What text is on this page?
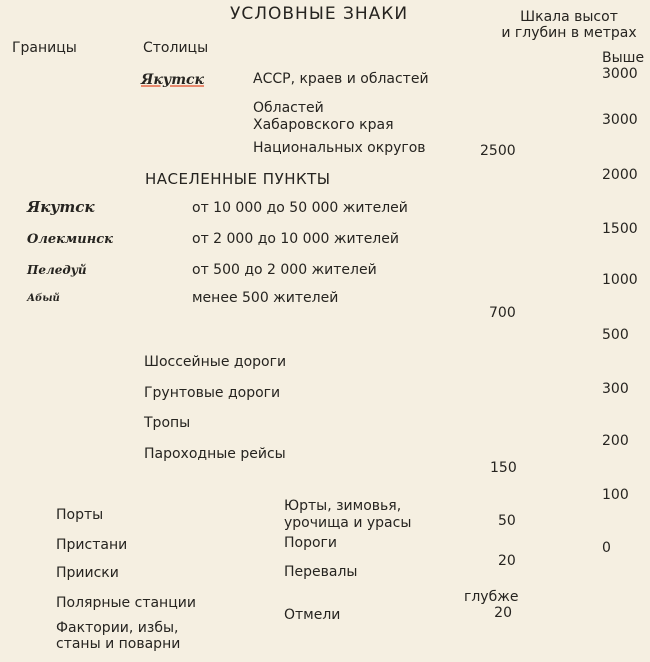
УСЛОВНЫЕ ЗНАКИ
Границы	Столицы
Якутск	АССР, краев и областей
Областей
Хабаровского края
Национальных округов
НАСЕЛЕННЫЕ ПУНКТЫ
Якутск
Олекминск
Пеледуй
Абый
от 10 000 до 50 000 жителей
от 2 000 до 10 000 жителей
от 500 до 2 000 жителей
менее 500 жителей
Шоссейные дороги
Грунтовые дороги
Тропы
Пароходные рейсы
Порты
Пристани
Прииски
Полярные станции
Фактории, избы,
станы и поварни
Юрты, зимовья,
урочища и урасы
Пороги
Перевалы
Отмели
Шкала высот
и глубин в метрах
Выше
3000
3000
2000
1500
1000
500
300
200
100
0
2500
700
150
50
20
глубже
20
